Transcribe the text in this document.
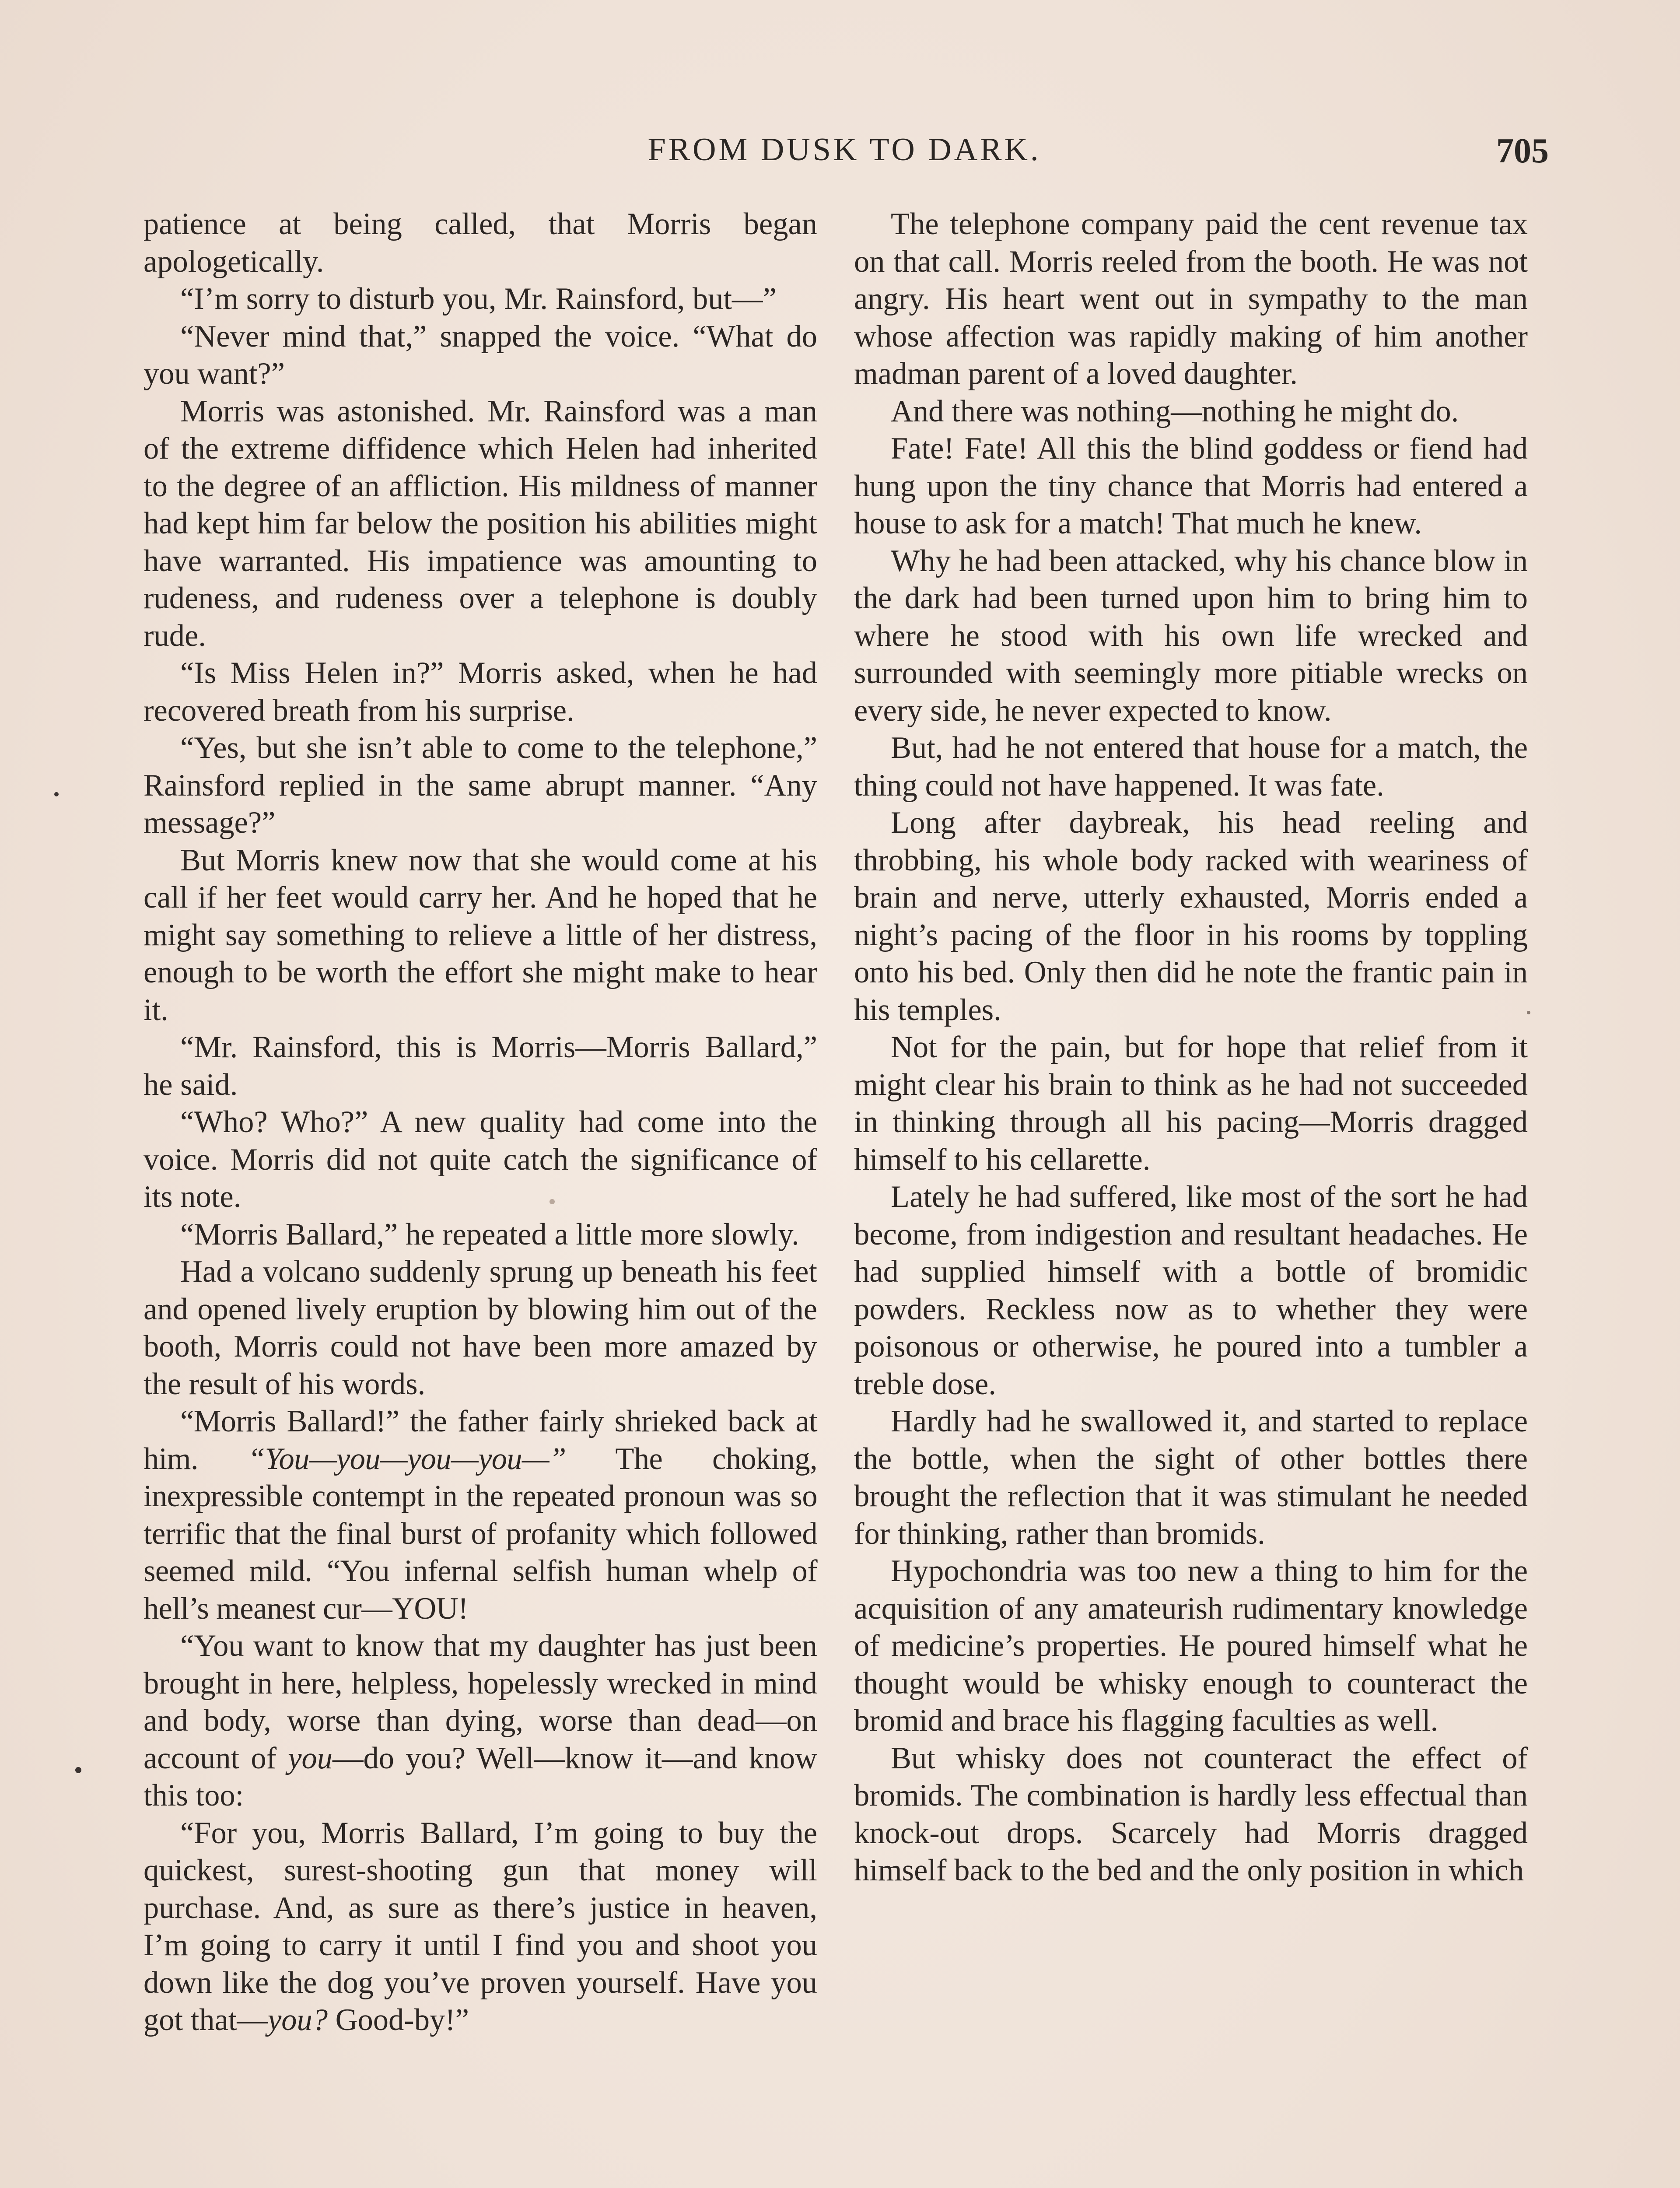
FROM DUSK TO DARK.	705

patience at being called, that Morris began apologetically.

“I’m sorry to disturb you, Mr. Rainsford, but—”

“Never mind that,” snapped the voice. “What do you want?”

Morris was astonished. Mr. Rainsford was a man of the extreme diffidence which Helen had inherited to the degree of an affliction. His mildness of manner had kept him far below the position his abilities might have warranted. His impatience was amounting to rudeness, and rudeness over a telephone is doubly rude.

“Is Miss Helen in?” Morris asked, when he had recovered breath from his surprise.

“Yes, but she isn’t able to come to the telephone,” Rainsford replied in the same abrupt manner. “Any message?”

But Morris knew now that she would come at his call if her feet would carry her. And he hoped that he might say something to relieve a little of her distress, enough to be worth the effort she might make to hear it.

“Mr. Rainsford, this is Morris—Morris Ballard,” he said.

“Who? Who?” A new quality had come into the voice. Morris did not quite catch the significance of its note.

“Morris Ballard,” he repeated a little more slowly.

Had a volcano suddenly sprung up beneath his feet and opened lively eruption by blowing him out of the booth, Morris could not have been more amazed by the result of his words.

“Morris Ballard!” the father fairly shrieked back at him. “You—you—you—you—” The choking, inexpressible contempt in the repeated pronoun was so terrific that the final burst of profanity which followed seemed mild. “You infernal selfish human whelp of hell’s meanest cur—YOU!

“You want to know that my daughter has just been brought in here, helpless, hopelessly wrecked in mind and body, worse than dying, worse than dead—on account of you—do you? Well—know it—and know this too:

“For you, Morris Ballard, I’m going to buy the quickest, surest-shooting gun that money will purchase. And, as sure as there’s justice in heaven, I’m going to carry it until I find you and shoot you down like the dog you’ve proven yourself. Have you got that—you? Good-by!”

The telephone company paid the cent revenue tax on that call. Morris reeled from the booth. He was not angry. His heart went out in sympathy to the man whose affection was rapidly making of him another madman parent of a loved daughter.

And there was nothing—nothing he might do.

Fate! Fate! All this the blind goddess or fiend had hung upon the tiny chance that Morris had entered a house to ask for a match! That much he knew.

Why he had been attacked, why his chance blow in the dark had been turned upon him to bring him to where he stood with his own life wrecked and surrounded with seemingly more pitiable wrecks on every side, he never expected to know.

But, had he not entered that house for a match, the thing could not have happened. It was fate.

Long after daybreak, his head reeling and throbbing, his whole body racked with weariness of brain and nerve, utterly exhausted, Morris ended a night’s pacing of the floor in his rooms by toppling onto his bed. Only then did he note the frantic pain in his temples.

Not for the pain, but for hope that relief from it might clear his brain to think as he had not succeeded in thinking through all his pacing—Morris dragged himself to his cellarette.

Lately he had suffered, like most of the sort he had become, from indigestion and resultant headaches. He had supplied himself with a bottle of bromidic powders. Reckless now as to whether they were poisonous or otherwise, he poured into a tumbler a treble dose.

Hardly had he swallowed it, and started to replace the bottle, when the sight of other bottles there brought the reflection that it was stimulant he needed for thinking, rather than bromids.

Hypochondria was too new a thing to him for the acquisition of any amateurish rudimentary knowledge of medicine’s properties. He poured himself what he thought would be whisky enough to counteract the bromid and brace his flagging faculties as well.

But whisky does not counteract the effect of bromids. The combination is hardly less effectual than knock-out drops. Scarcely had Morris dragged himself back to the bed and the only position in which
